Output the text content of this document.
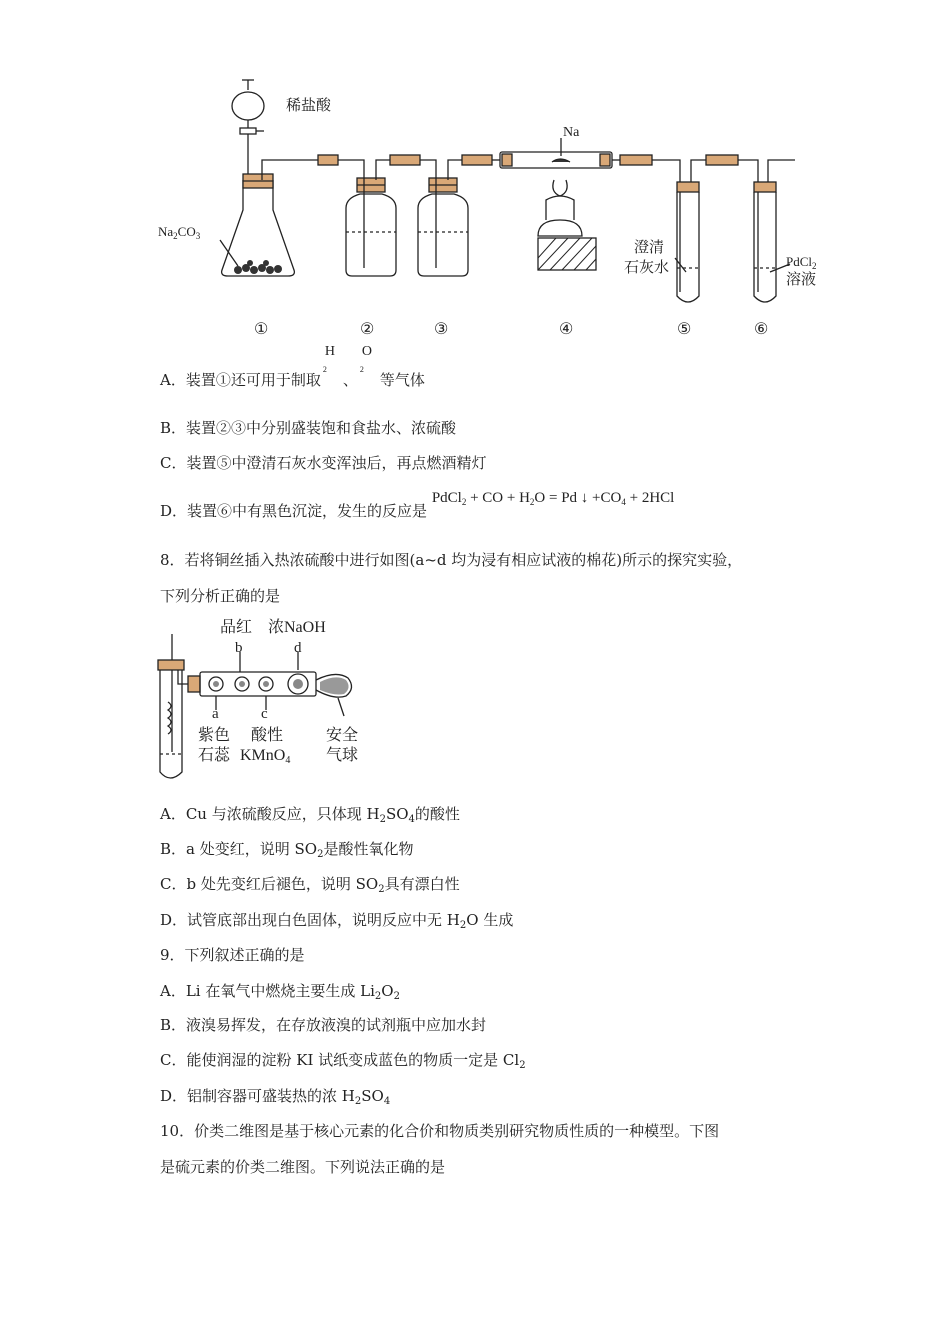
稀盐酸
$Na_2CO_3$
Na
澄清
石灰水	PdCl$_2$
溶液
①	②	③	④	⑤	⑥
A．装置①还可用于制取
H
$_2$
、
O
$_2$
等气体
B．装置②③中分别盛装饱和食盐水、浓硫酸
C．装置⑤中澄清石灰水变浑浊后，再点燃酒精灯
D．装置⑥中有黑色沉淀，发生的反应是 PdCl$_2$ + CO + $H_2O = Pd$ ↓ $+CO_4 + 2HCl$
8．若将铜丝插入热浓硫酸中进行如图(a~d 均为浸有相应试液的棉花)所示的探究实验，
下列分析正确的是
品红 浓NaOH
b	d
a	c
紫色
石蕊
酸性
KMnO4
安全
气球
A．Cu 与浓硫酸反应，只体现 $H_2SO_4$的酸性
B．a 处变红，说明 $SO_2$是酸性氧化物
C．b 处先变红后褪色，说明 $SO_2$具有漂白性
D．试管底部出现白色固体，说明反应中无 $H_2O$ 生成
9．下列叙述正确的是
A．Li 在氧气中燃烧主要生成 $Li_2O_2$
B．液溴易挥发，在存放液溴的试剂瓶中应加水封
C．能使润湿的淀粉 KI 试纸变成蓝色的物质一定是 $Cl_2$
D．铝制容器可盛装热的浓 $H_2SO_4$
10．价类二维图是基于核心元素的化合价和物质类别研究物质性质的一种模型。下图
是硫元素的价类二维图。下列说法正确的是
